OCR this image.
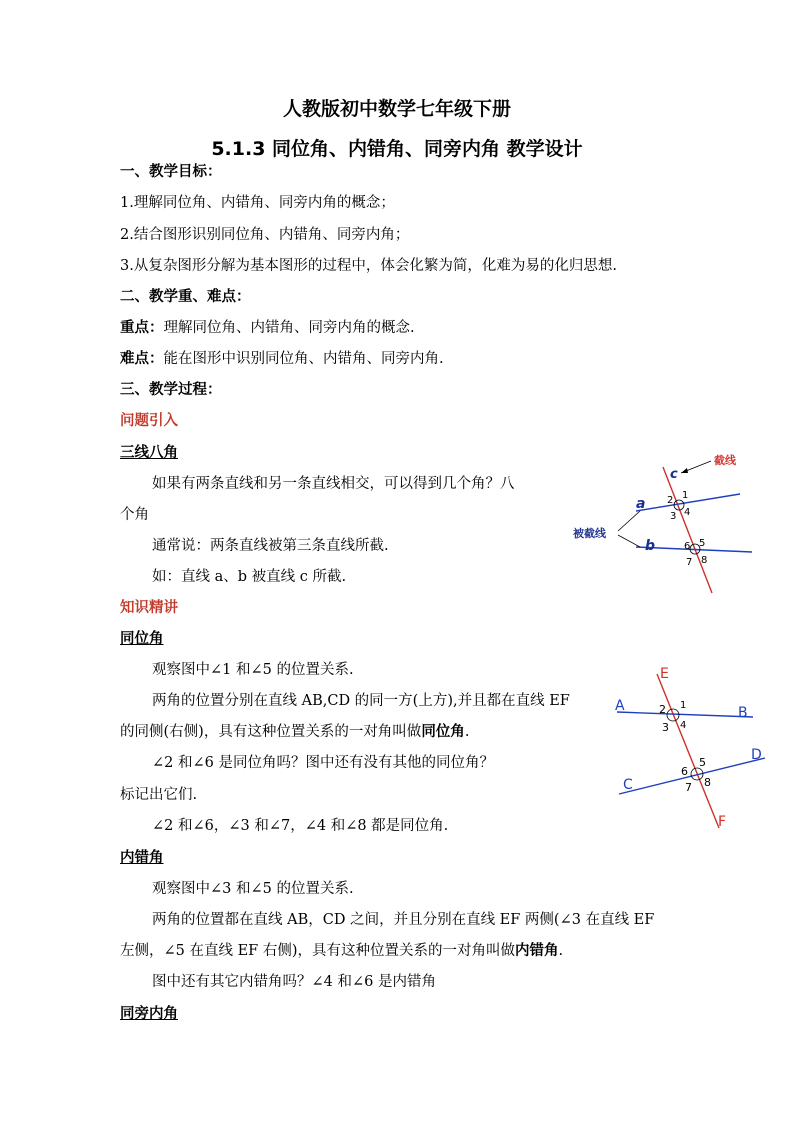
人教版初中数学七年级下册
5.1.3 同位角、内错角、同旁内角 教学设计
一、教学目标：
1.理解同位角、内错角、同旁内角的概念；
2.结合图形识别同位角、内错角、同旁内角；
3.从复杂图形分解为基本图形的过程中，体会化繁为简，化难为易的化归思想.
二、教学重、难点：
重点：理解同位角、内错角、同旁内角的概念.
难点：能在图形中识别同位角、内错角、同旁内角.
三、教学过程：
问题引入
三线八角
如果有两条直线和另一条直线相交，可以得到几个角？八
个角
通常说：两条直线被第三条直线所截.
如：直线 a、b 被直线 c 所截.
知识精讲
同位角
观察图中∠1 和∠5 的位置关系.
两角的位置分别在直线 AB,CD 的同一方(上方),并且都在直线 EF
的同侧(右侧)，具有这种位置关系的一对角叫做同位角.
∠2 和∠6 是同位角吗？图中还有没有其他的同位角？
标记出它们.
∠2 和∠6，∠3 和∠7，∠4 和∠8 都是同位角.
内错角
观察图中∠3 和∠5 的位置关系.
两角的位置都在直线 AB，CD 之间，并且分别在直线 EF 两侧(∠3 在直线 EF
左侧，∠5 在直线 EF 右侧)，具有这种位置关系的一对角叫做内错角.
图中还有其它内错角吗？∠4 和∠6 是内错角
同旁内角
c
截线
a
b
被截线
1
2
3 4
5
6
7 8
E
F
A	B
C
D
1
2
3 4
5
6
7 8
